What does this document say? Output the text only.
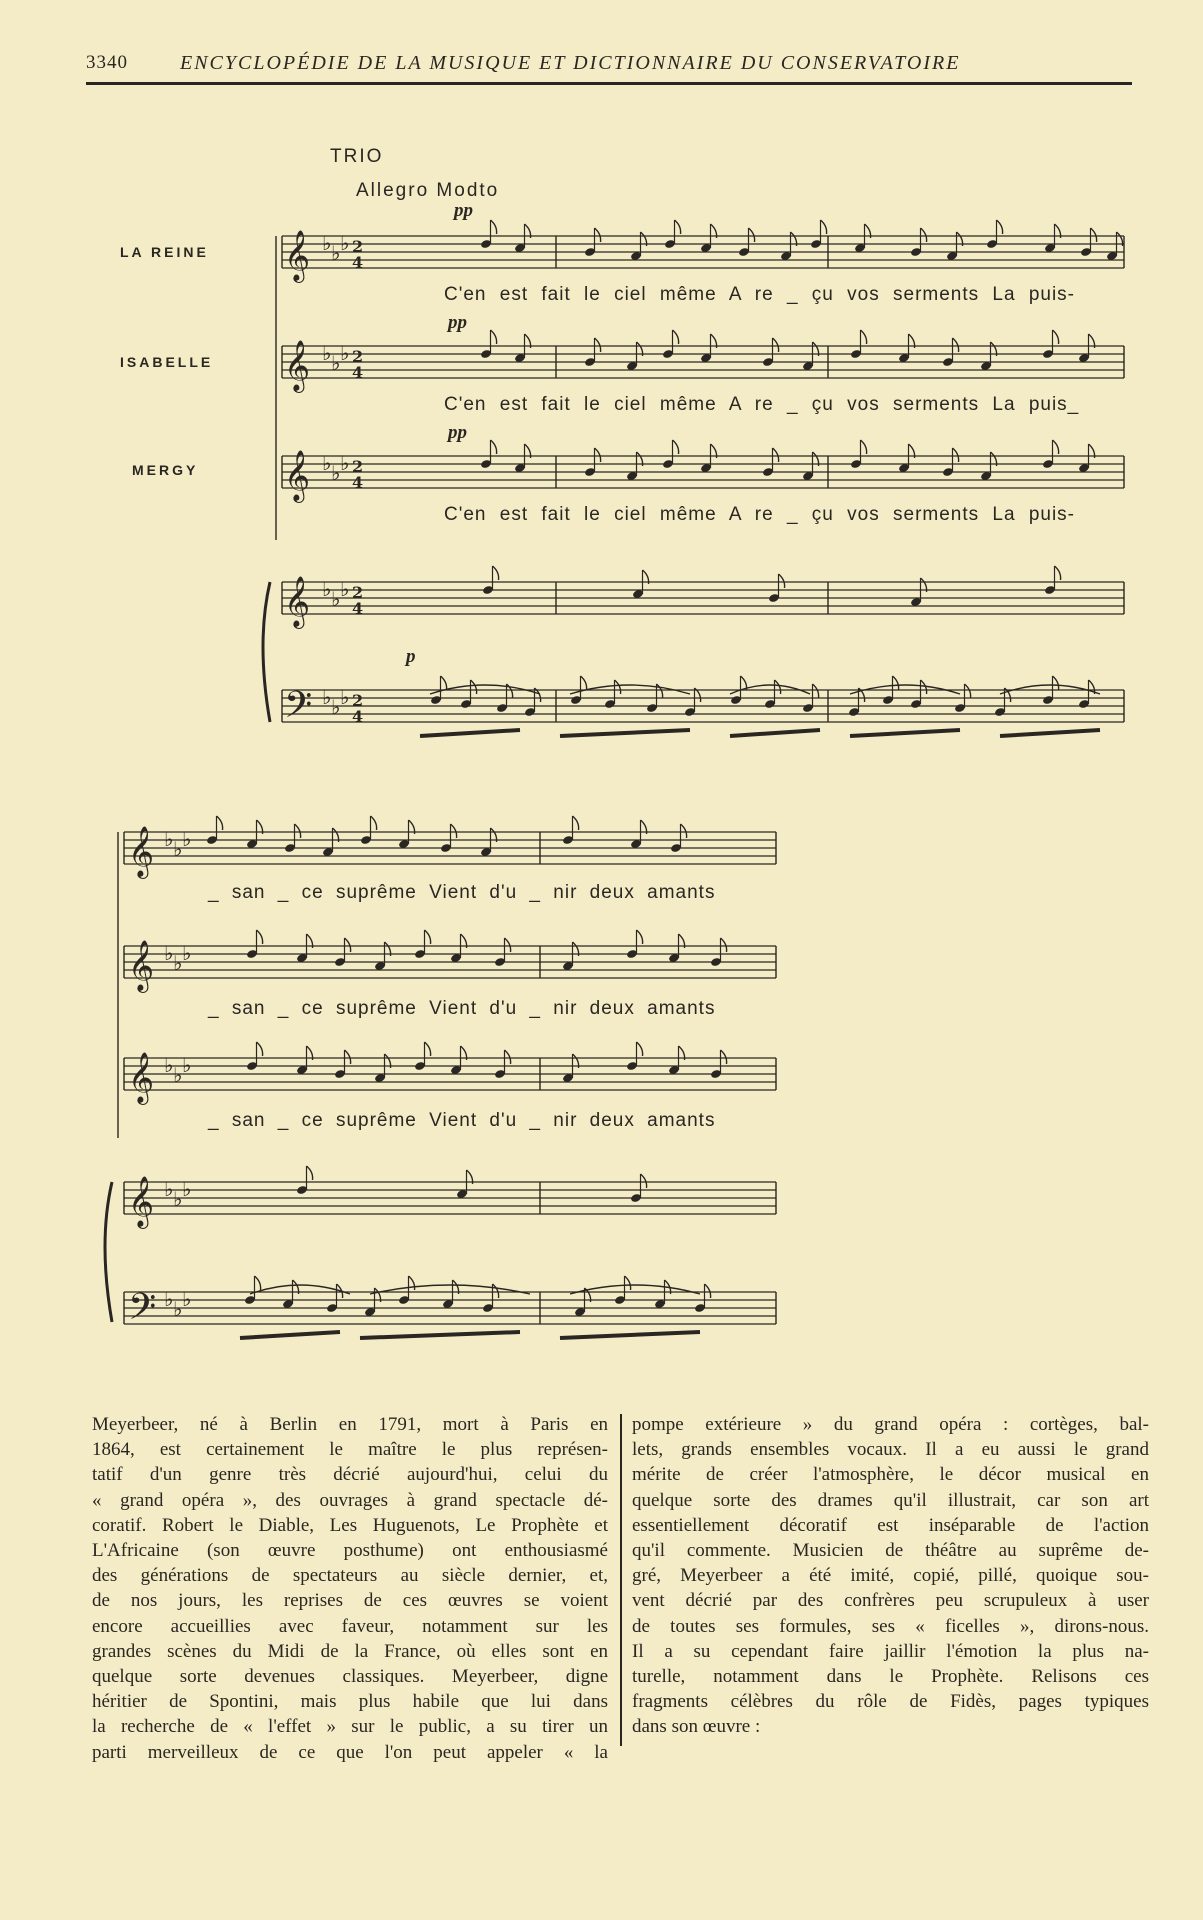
3340	ENCYCLOPÉDIE DE LA MUSIQUE ET DICTIONNAIRE DU CONSERVATOIRE
𝄞 ♭ ♭ ♭ 2
4
𝄞 ♭ ♭ ♭ 2
4
𝄞 ♭ ♭ ♭ 2
4
𝄞 ♭ ♭ ♭ 2
4
𝄢 ♭ ♭ ♭ 2
4
𝄞 ♭ ♭ ♭
𝄞 ♭ ♭ ♭
𝄞 ♭ ♭ ♭
𝄞 ♭ ♭ ♭
𝄢 ♭ ♭ ♭
TRIO
Allegro Modto
LA REINE
ISABELLE
MERGY
pp
pp
pp
p
C'en est fait le ciel même A re _ çu vos serments La puis-
C'en est fait le ciel même A re _ çu vos serments La puis_
C'en est fait le ciel même A re _ çu vos serments La puis-
_ san _ ce suprême Vient d'u _ nir deux amants
_ san _ ce suprême Vient d'u _ nir deux amants
_ san _ ce suprême Vient d'u _ nir deux amants
Meyerbeer, né à Berlin en 1791, mort à Paris en
1864, est certainement le maître le plus représen-
tatif d'un genre très décrié aujourd'hui, celui du
« grand opéra », des ouvrages à grand spectacle dé-
coratif. Robert le Diable, Les Huguenots, Le Prophète et
L'Africaine (son œuvre posthume) ont enthousiasmé
des générations de spectateurs au siècle dernier, et,
de nos jours, les reprises de ces œuvres se voient
encore accueillies avec faveur, notamment sur les
grandes scènes du Midi de la France, où elles sont en
quelque sorte devenues classiques. Meyerbeer, digne
héritier de Spontini, mais plus habile que lui dans
la recherche de « l'effet » sur le public, a su tirer un
parti merveilleux de ce que l'on peut appeler « la
pompe extérieure » du grand opéra : cortèges, bal-
lets, grands ensembles vocaux. Il a eu aussi le grand
mérite de créer l'atmosphère, le décor musical en
quelque sorte des drames qu'il illustrait, car son art
essentiellement décoratif est inséparable de l'action
qu'il commente. Musicien de théâtre au suprême de-
gré, Meyerbeer a été imité, copié, pillé, quoique sou-
vent décrié par des confrères peu scrupuleux à user
de toutes ses formules, ses « ficelles », dirons-nous.
Il a su cependant faire jaillir l'émotion la plus na-
turelle, notamment dans le Prophète. Relisons ces
fragments célèbres du rôle de Fidès, pages typiques
dans son œuvre :
